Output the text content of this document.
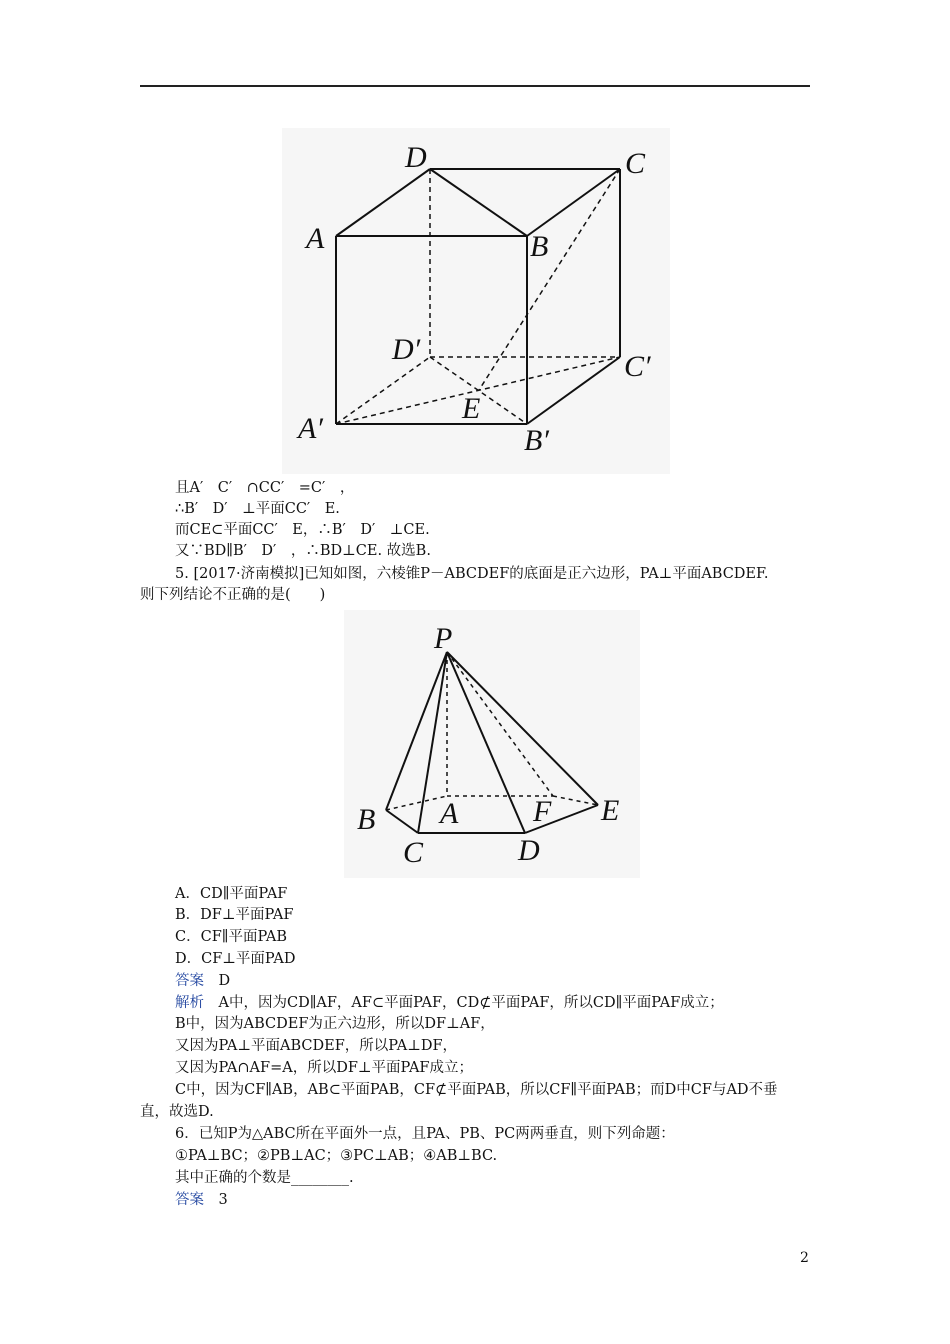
D	C
A	B
D′
C′
A′	B′
E
且A′　C′　∩CC′　=C′　，
∴B′　D′　⊥平面CC′　E.
而CE⊂平面CC′　E，∴B′　D′　⊥CE.
又∵BD∥B′　D′　，∴BD⊥CE. 故选B.
5. [2017·济南模拟]已知如图，六棱锥P－ABCDEF的底面是正六边形，PA⊥平面ABCDEF.
则下列结论不正确的是(　　)
P
A F E
B
C	D
A．CD∥平面PAF
B．DF⊥平面PAF
C．CF∥平面PAB
D．CF⊥平面PAD
答案　 D
解析　A中，因为CD∥AF，AF⊂平面PAF，CD⊄平面PAF，所以CD∥平面PAF成立；
B中，因为ABCDEF为正六边形，所以DF⊥AF，
又因为PA⊥平面ABCDEF，所以PA⊥DF，
又因为PA∩AF=A，所以DF⊥平面PAF成立；
C中，因为CF∥AB，AB⊂平面PAB，CF⊄平面PAB，所以CF∥平面PAB；而D中CF与AD不垂
直，故选D.
6．已知P为△ABC所在平面外一点，且PA、PB、PC两两垂直，则下列命题：
①PA⊥BC；②PB⊥AC；③PC⊥AB；④AB⊥BC.
其中正确的个数是________.
答案　 3
2
